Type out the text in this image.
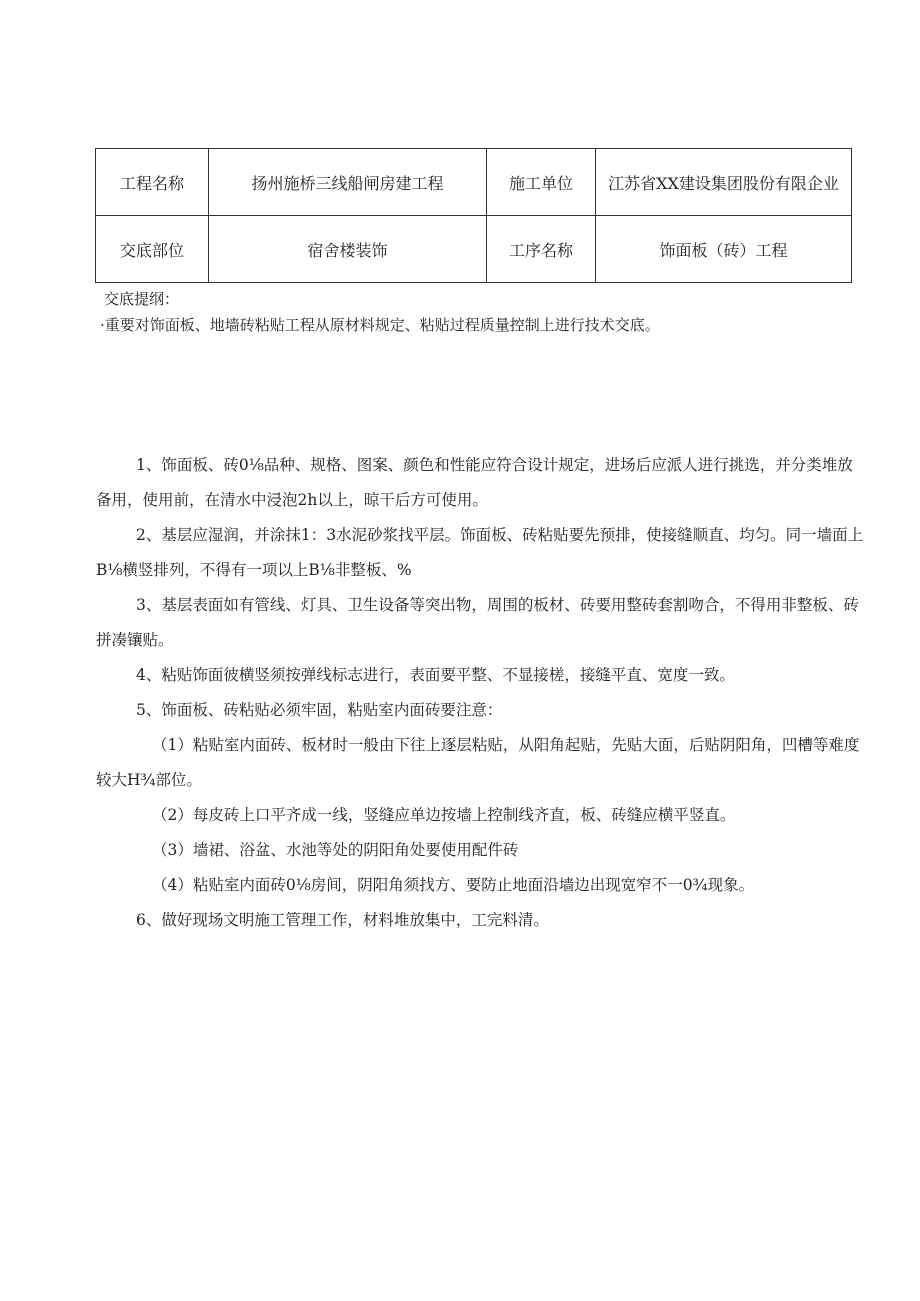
工程名称	扬州施桥三线船闸房建工程	施工单位	江苏省XX建设集团股份有限企业
交底部位	宿舍楼装饰	工序名称	饰面板（砖）工程
交底提纲：
·重要对饰面板、地墙砖粘贴工程从原材料规定、粘贴过程质量控制上进行技术交底。

1、饰面板、砖0⅛品种、规格、图案、颜色和性能应符合设计规定，进场后应派人进行挑选，并分类堆放备用，使用前，在清水中浸泡2h以上，晾干后方可使用。

2、基层应湿润，并涂抹1：3水泥砂浆找平层。饰面板、砖粘贴要先预排，使接缝顺直、均匀。同一墙面上B⅛横竖排列，不得有一项以上B⅛非整板、%

3、基层表面如有管线、灯具、卫生设备等突出物，周围的板材、砖要用整砖套割吻合，不得用非整板、砖拼凑镶贴。

4、粘贴饰面彼横竖须按弹线标志进行，表面要平整、不显接槎，接缝平直、宽度一致。

5、饰面板、砖粘贴必须牢固，粘贴室内面砖要注意：

（1）粘贴室内面砖、板材时一般由下往上逐层粘贴，从阳角起贴，先贴大面，后贴阴阳角，凹槽等难度较大H¾部位。

（2）每皮砖上口平齐成一线，竖缝应单边按墙上控制线齐直，板、砖缝应横平竖直。

（3）墙裙、浴盆、水池等处的阴阳角处要使用配件砖

（4）粘贴室内面砖0⅛房间，阴阳角须找方、要防止地面沿墙边出现宽窄不一0¾现象。

6、做好现场文明施工管理工作，材料堆放集中，工完料清。
